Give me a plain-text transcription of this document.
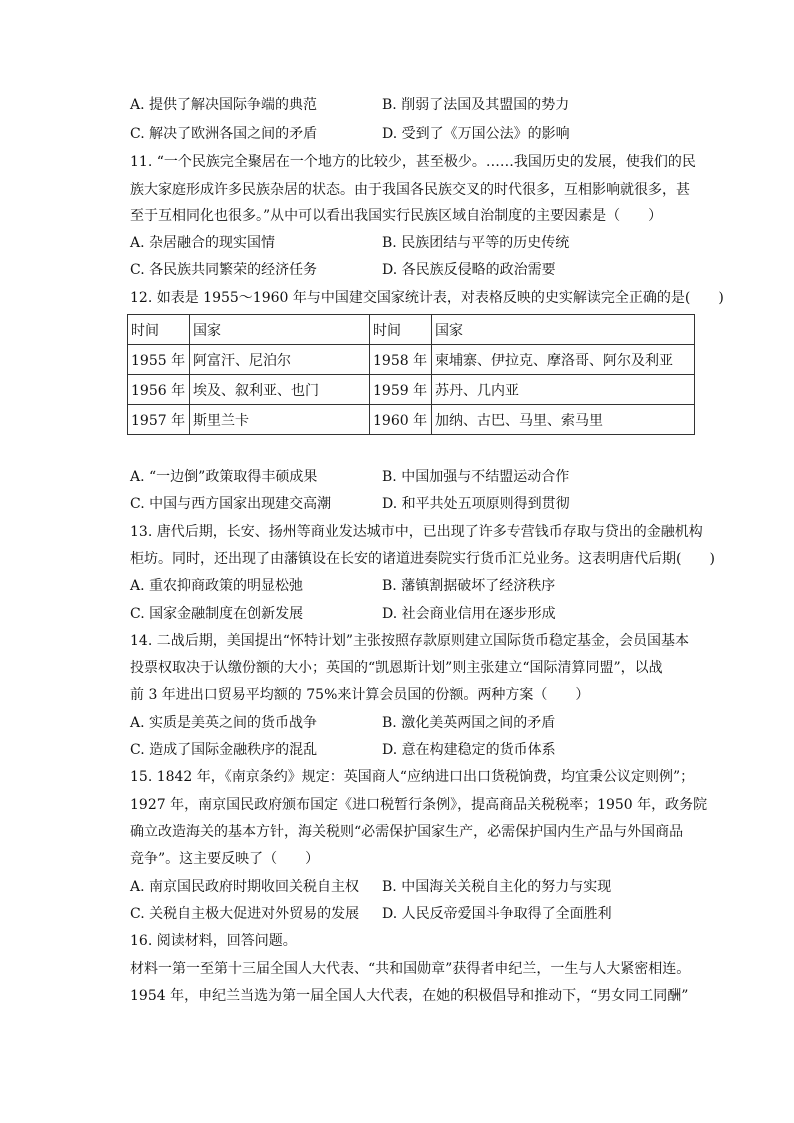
A. 提供了解决国际争端的典范	B. 削弱了法国及其盟国的势力
C. 解决了欧洲各国之间的矛盾	D. 受到了《万国公法》的影响
11. “一个民族完全聚居在一个地方的比较少，甚至极少。……我国历史的发展，使我们的民
族大家庭形成许多民族杂居的状态。由于我国各民族交叉的时代很多，互相影响就很多，甚
至于互相同化也很多。”从中可以看出我国实行民族区域自治制度的主要因素是（　　）
A. 杂居融合的现实国情	B. 民族团结与平等的历史传统
C. 各民族共同繁荣的经济任务	D. 各民族反侵略的政治需要
12. 如表是 1955～1960 年与中国建交国家统计表，对表格反映的史实解读完全正确的是(　　)
时间	国家	时间	国家
1955 年	阿富汗、尼泊尔	1958 年	柬埔寨、伊拉克、摩洛哥、阿尔及利亚
1956 年	埃及、叙利亚、也门	1959 年	苏丹、几内亚
1957 年	斯里兰卡	1960 年	加纳、古巴、马里、索马里
A. “一边倒”政策取得丰硕成果	B. 中国加强与不结盟运动合作
C. 中国与西方国家出现建交高潮	D. 和平共处五项原则得到贯彻
13. 唐代后期，长安、扬州等商业发达城市中，已出现了许多专营钱币存取与贷出的金融机构
柜坊。同时，还出现了由藩镇设在长安的诸道进奏院实行货币汇兑业务。这表明唐代后期(　　)
A. 重农抑商政策的明显松弛	B. 藩镇割据破坏了经济秩序
C. 国家金融制度在创新发展	D. 社会商业信用在逐步形成
14. 二战后期，美国提出“怀特计划”主张按照存款原则建立国际货币稳定基金，会员国基本
投票权取决于认缴份额的大小；英国的“凯恩斯计划”则主张建立“国际清算同盟”，以战
前 3 年进出口贸易平均额的 75%来计算会员国的份额。两种方案（　　）
A. 实质是美英之间的货币战争	B. 激化美英两国之间的矛盾
C. 造成了国际金融秩序的混乱	D. 意在构建稳定的货币体系
15. 1842 年，《南京条约》规定：英国商人“应纳进口出口货税饷费，均宜秉公议定则例”；
1927 年，南京国民政府颁布国定《进口税暂行条例》，提高商品关税税率；1950 年，政务院
确立改造海关的基本方针，海关税则“必需保护国家生产，必需保护国内生产品与外国商品
竞争”。这主要反映了（　　）
A. 南京国民政府时期收回关税自主权 B. 中国海关关税自主化的努力与实现
C. 关税自主极大促进对外贸易的发展 D. 人民反帝爱国斗争取得了全面胜利
16. 阅读材料，回答问题。
材料一第一至第十三届全国人大代表、“共和国勋章”获得者申纪兰，一生与人大紧密相连。
1954 年，申纪兰当选为第一届全国人大代表，在她的积极倡导和推动下，“男女同工同酬”
